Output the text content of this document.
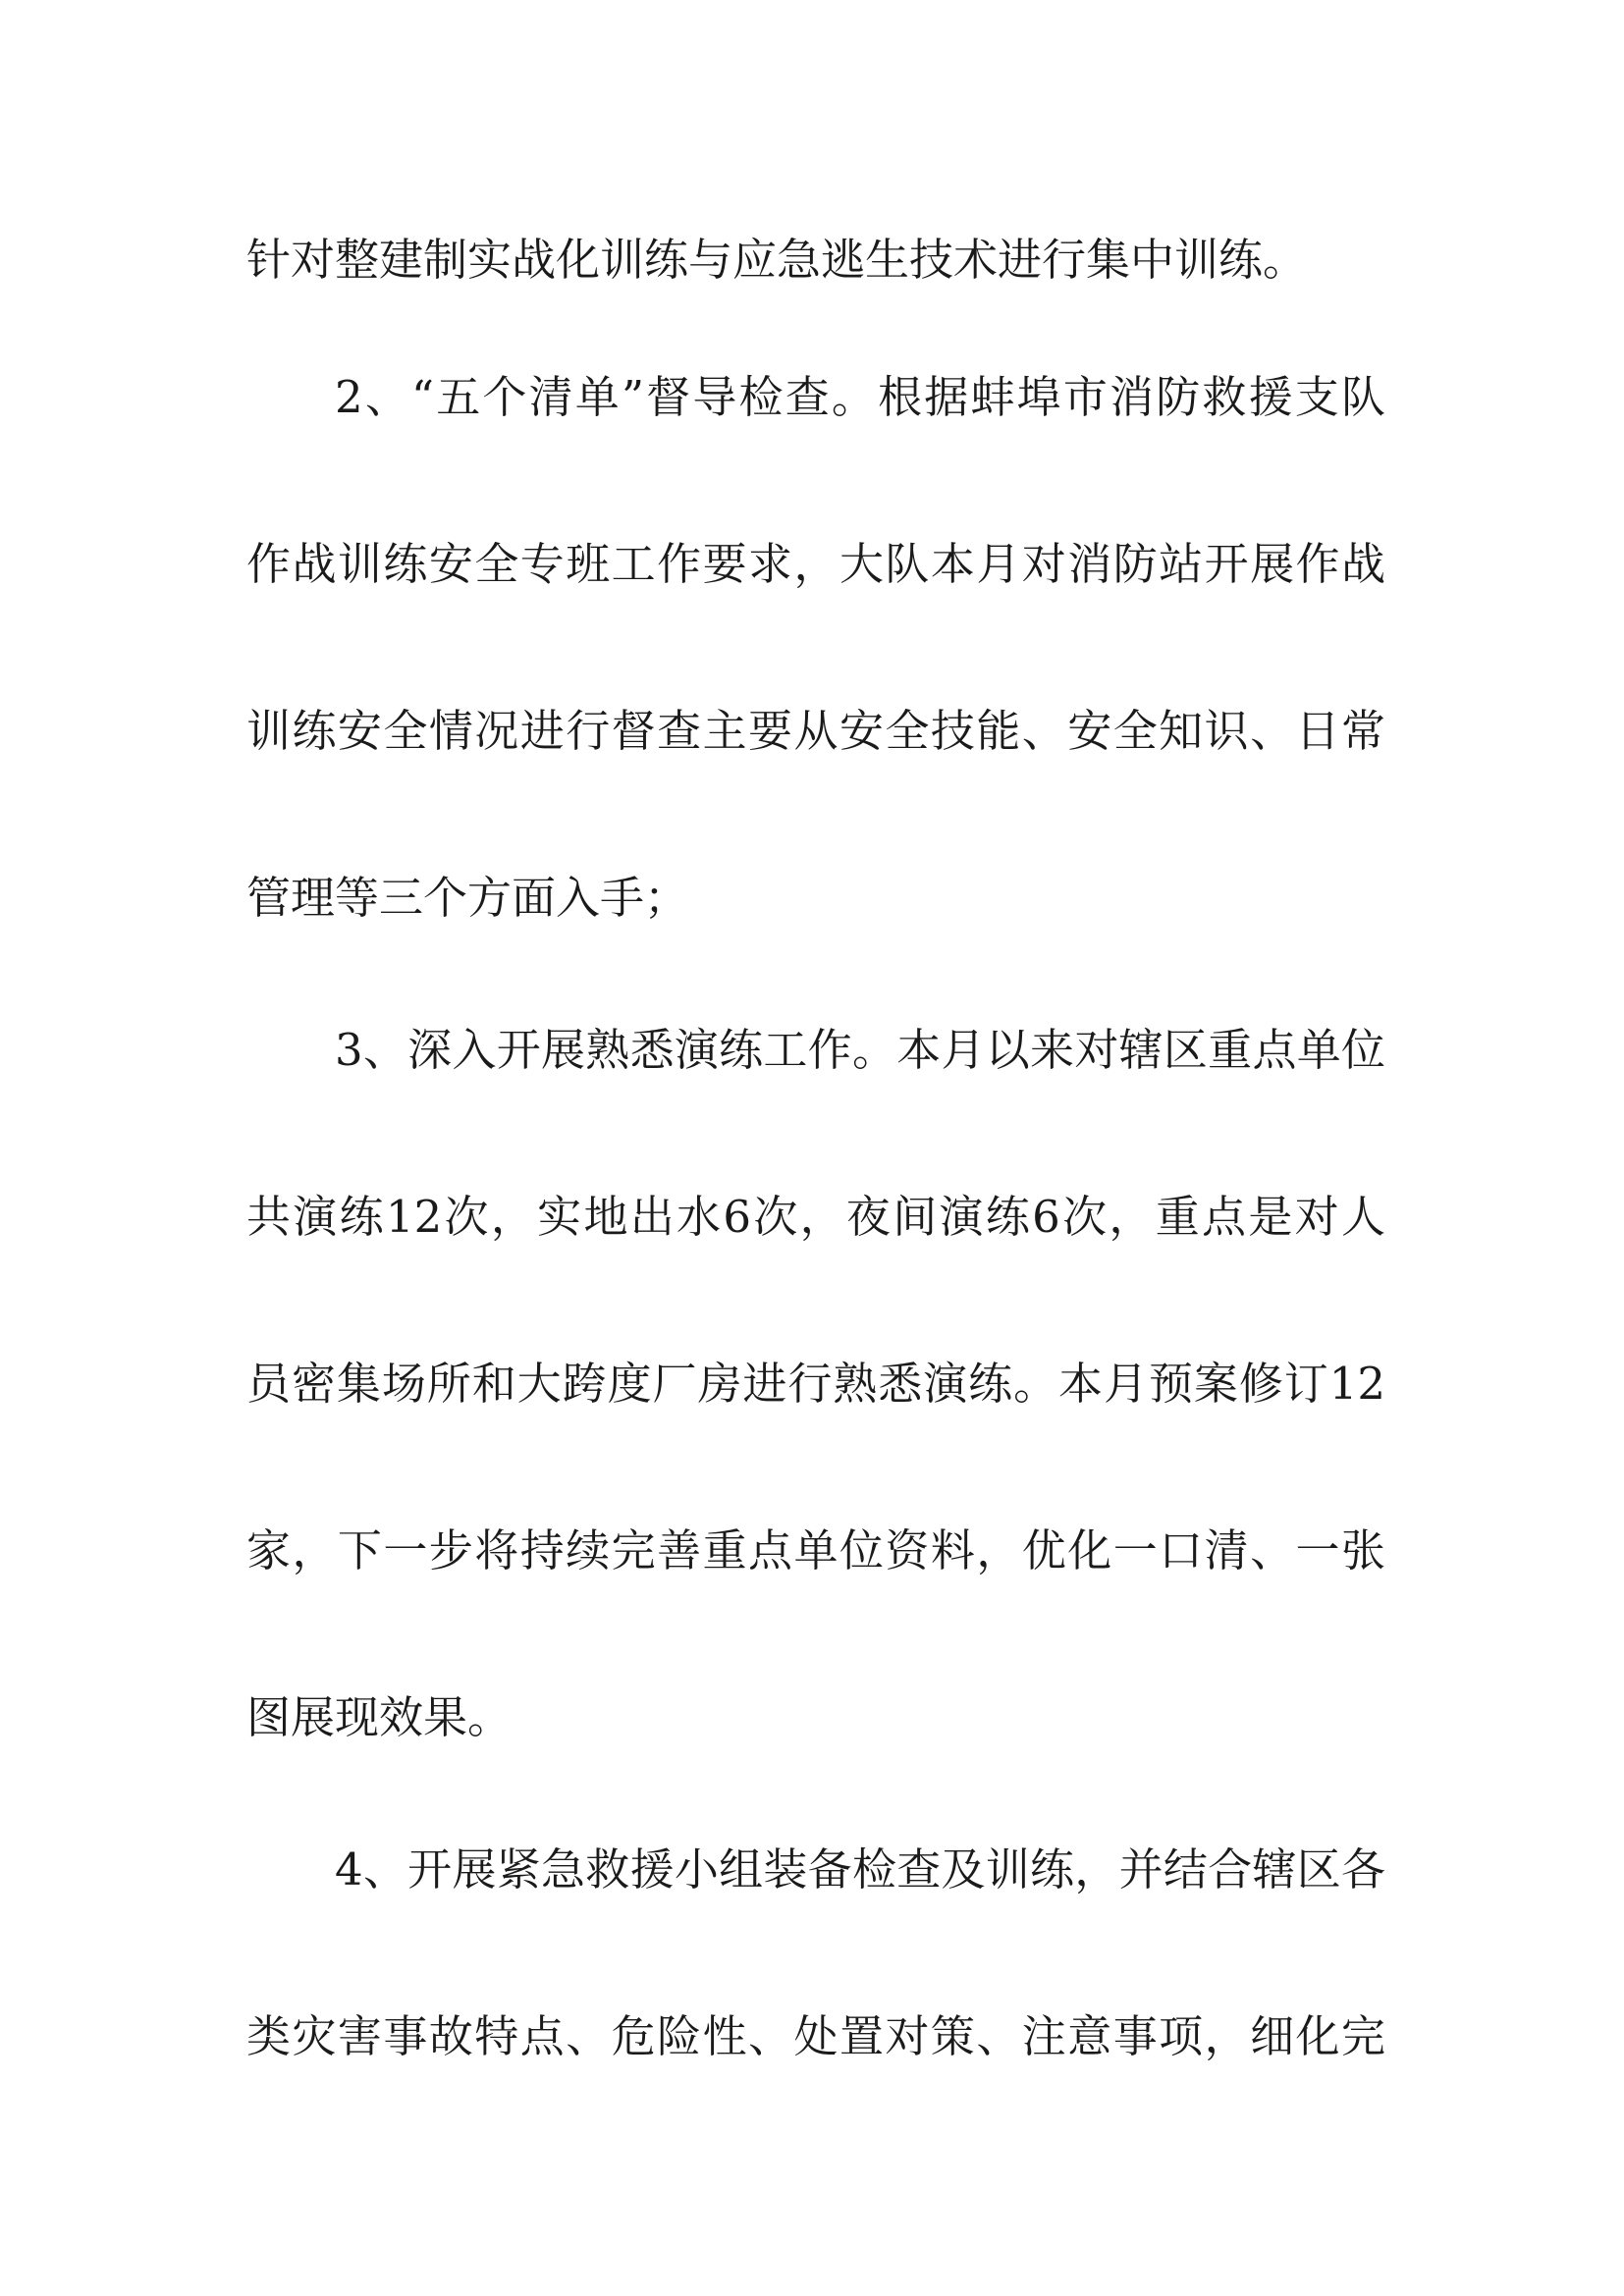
针对整建制实战化训练与应急逃生技术进行集中训练。

2、“五个清单”督导检查。根据蚌埠市消防救援支队

作战训练安全专班工作要求，大队本月对消防站开展作战

训练安全情况进行督查主要从安全技能、安全知识、日常

管理等三个方面入手；

3、深入开展熟悉演练工作。本月以来对辖区重点单位

共演练12次，实地出水6次，夜间演练6次，重点是对人

员密集场所和大跨度厂房进行熟悉演练。本月预案修订12

家，下一步将持续完善重点单位资料，优化一口清、一张

图展现效果。

4、开展紧急救援小组装备检查及训练，并结合辖区各

类灾害事故特点、危险性、处置对策、注意事项，细化完
